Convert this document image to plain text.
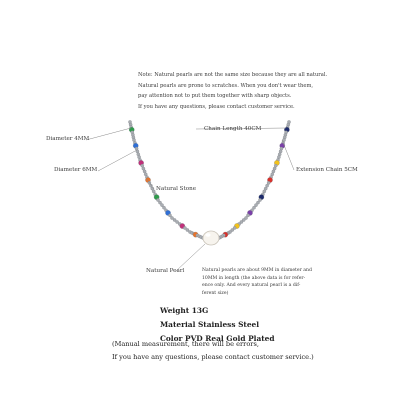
Note: Natural pearls are not the same size because they are all natural.
Natural pearls are prone to scratches. When you don't wear them,
pay attention not to put them together with sharp objects.
If you have any questions, please contact customer service.
Diameter 4MM
Diameter 6MM
Chain Length 40CM
Extension Chain 5CM
Natural Stone
Natural Pearl	Natural pearls are about 9MM in diameter and
10MM in length (the above data is for refer-
ence only. And every natural pearl is a dif-
ferent size)
Weight 13G
Material Stainless Steel
Color PVD Real Gold Plated
(Manual measurement, there will be errors,
If you have any questions, please contact customer service.)
